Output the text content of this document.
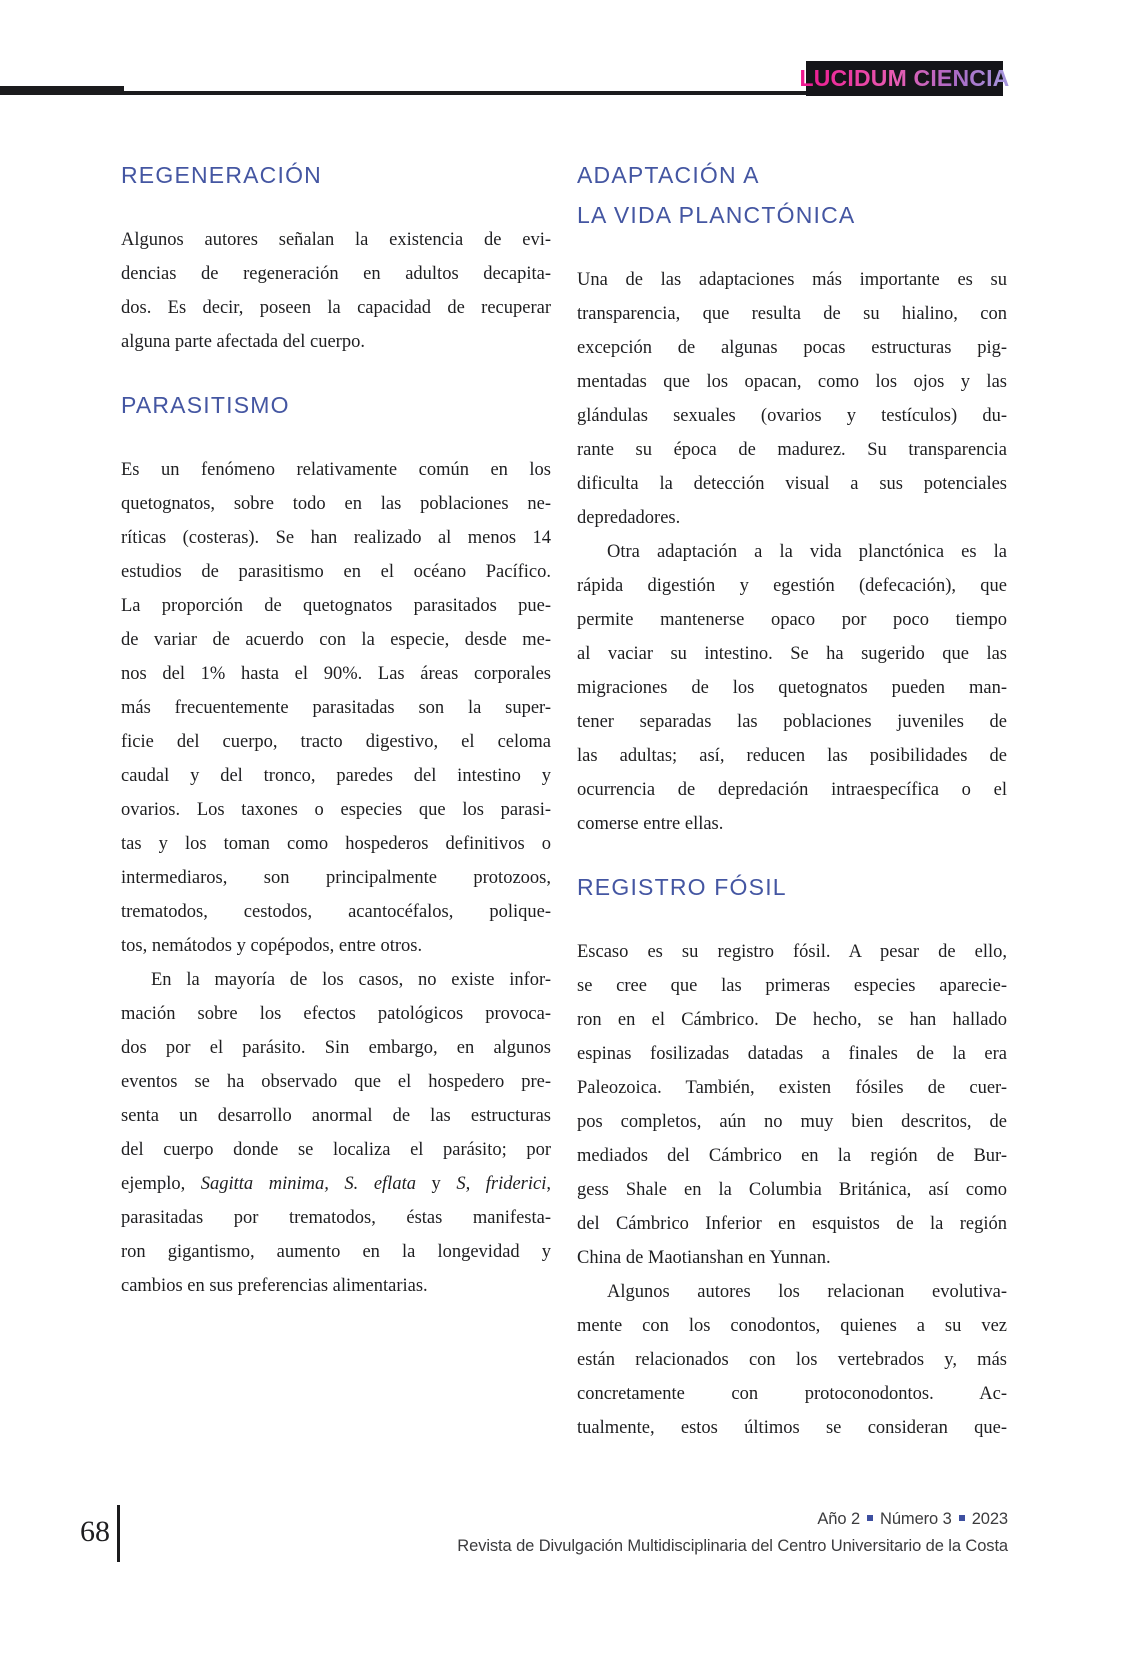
LUCIDUM CIENCIA
REGENERACIÓN
Algunos autores señalan la existencia de evi-
dencias de regeneración en adultos decapita-
dos. Es decir, poseen la capacidad de recuperar
alguna parte afectada del cuerpo.
PARASITISMO
Es un fenómeno relativamente común en los
quetognatos, sobre todo en las poblaciones ne-
ríticas (costeras). Se han realizado al menos 14
estudios de parasitismo en el océano Pacífico.
La proporción de quetognatos parasitados pue-
de variar de acuerdo con la especie, desde me-
nos del 1% hasta el 90%. Las áreas corporales
más frecuentemente parasitadas son la super-
ficie del cuerpo, tracto digestivo, el celoma
caudal y del tronco, paredes del intestino y
ovarios. Los taxones o especies que los parasi-
tas y los toman como hospederos definitivos o
intermediaros, son principalmente protozoos,
trematodos, cestodos, acantocéfalos, polique-
tos, nemátodos y copépodos, entre otros.
En la mayoría de los casos, no existe infor-
mación sobre los efectos patológicos provoca-
dos por el parásito. Sin embargo, en algunos
eventos se ha observado que el hospedero pre-
senta un desarrollo anormal de las estructuras
del cuerpo donde se localiza el parásito; por
ejemplo, Sagitta minima, S. eflata y S, friderici,
parasitadas por trematodos, éstas manifesta-
ron gigantismo, aumento en la longevidad y
cambios en sus preferencias alimentarias.
ADAPTACIÓN A
LA VIDA PLANCTÓNICA
Una de las adaptaciones más importante es su
transparencia, que resulta de su hialino, con
excepción de algunas pocas estructuras pig-
mentadas que los opacan, como los ojos y las
glándulas sexuales (ovarios y testículos) du-
rante su época de madurez. Su transparencia
dificulta la detección visual a sus potenciales
depredadores.
Otra adaptación a la vida planctónica es la
rápida digestión y egestión (defecación), que
permite mantenerse opaco por poco tiempo
al vaciar su intestino. Se ha sugerido que las
migraciones de los quetognatos pueden man-
tener separadas las poblaciones juveniles de
las adultas; así, reducen las posibilidades de
ocurrencia de depredación intraespecífica o el
comerse entre ellas.
REGISTRO FÓSIL
Escaso es su registro fósil. A pesar de ello,
se cree que las primeras especies aparecie-
ron en el Cámbrico. De hecho, se han hallado
espinas fosilizadas datadas a finales de la era
Paleozoica. También, existen fósiles de cuer-
pos completos, aún no muy bien descritos, de
mediados del Cámbrico en la región de Bur-
gess Shale en la Columbia Británica, así como
del Cámbrico Inferior en esquistos de la región
China de Maotianshan en Yunnan.
Algunos autores los relacionan evolutiva-
mente con los conodontos, quienes a su vez
están relacionados con los vertebrados y, más
concretamente con protoconodontos. Ac-
tualmente, estos últimos se consideran que-
68	Año 2 Número 3 2023
Revista de Divulgación Multidisciplinaria del Centro Universitario de la Costa
